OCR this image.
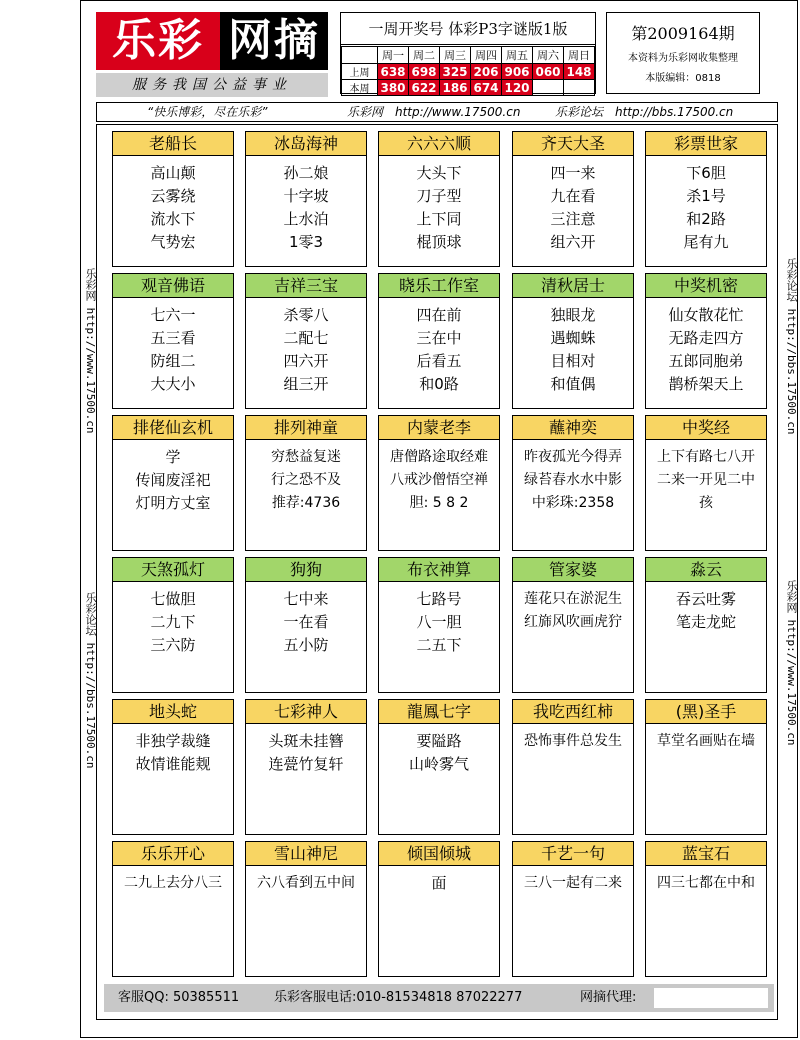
乐彩 网摘
服务我国公益事业
一周开奖号 体彩P3字谜版1版
	周一	周二	周三	周四	周五	周六	周日
上周	638	698	325	206	906	060	148
本周	380	622	186	674	120		
第2009164期
本资料为乐彩网收集整理
本版编辑：0818
“快乐博彩，尽在乐彩”	乐彩网 http://www.17500.cn	乐彩论坛 http://bbs.17500.cn
乐彩网 http://www.17500.cn
乐彩论坛 http://bbs.17500.cn
乐彩论坛 http://bbs.17500.cn
乐彩网 http://www.17500.cn
老船长
高山颠
云雾绕
流水下
气势宏
冰岛海神
孙二娘
十字坡
上水泊
1零3
六六六顺
大头下
刀子型
上下同
棍顶球
齐天大圣
四一来
九在看
三注意
组六开
彩票世家
下6胆
杀1号
和2路
尾有九
观音佛语
七六一
五三看
防组二
大大小
吉祥三宝
杀零八
二配七
四六开
组三开
晓乐工作室
四在前
三在中
后看五
和0路
清秋居士
独眼龙
遇蜘蛛
目相对
和值偶
中奖机密
仙女散花忙
无路走四方
五郎同胞弟
鹊桥架天上
排佬仙玄机
学
传闻废淫祀
灯明方丈室
排列神童
穷愁益复迷
行之恐不及
推荐:4736
内蒙老李
唐僧路途取经难
八戒沙僧悟空禅
胆: 5 8 2
蘸神奕
昨夜孤光今得弄
绿苔春水水中影
中彩珠:2358
中奖经
上下有路七八开
二来一开见二中
孩
天煞孤灯
七做胆
二九下
三六防
狗狗
七中来
一在看
五小防
布衣神算
七路号
八一胆
二五下
管家婆
莲花只在淤泥生
红旆风吹画虎狞
淼云
吞云吐雾
笔走龙蛇
地头蛇
非独学裁缝
故情谁能觌
七彩神人
头斑未挂簪
连甍竹复轩
龍鳳七字
要隘路
山岭雾气
我吃西红柿
恐怖事件总发生
(黑)圣手
草堂名画贴在墙
乐乐开心
二九上去分八三
雪山神尼
六八看到五中间
倾国倾城
面
千艺一句
三八一起有二来
蓝宝石
四三七都在中和
客服QQ: 50385511	乐彩客服电话:010-81534818 87022277	网摘代理:
